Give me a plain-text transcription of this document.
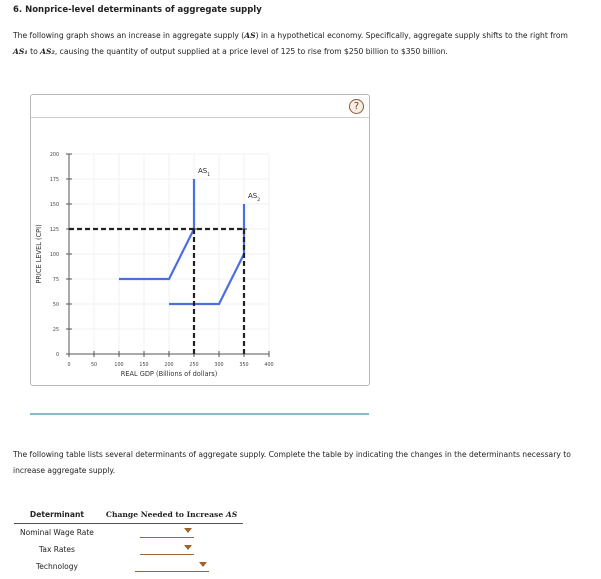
6. Nonprice-level determinants of aggregate supply
The following graph shows an increase in aggregate supply (AS) in a hypothetical economy. Specifically, aggregate supply shifts to the right from
AS₁ to AS₂, causing the quantity of output supplied at a price level of 125 to rise from $250 billion to $350 billion.
?
0
25
50
75
100
125
150
175
200
0	50	100	150	200	250	300	350	400
REAL GDP (Billions of dollars)
PRICE LEVEL (CPI)
$AS_1$
$AS_2$
The following table lists several determinants of aggregate supply. Complete the table by indicating the changes in the determinants necessary to increase aggregate supply.
Determinant	Change Needed to Increase AS
Nominal Wage Rate	

Tax Rates	

Technology	
